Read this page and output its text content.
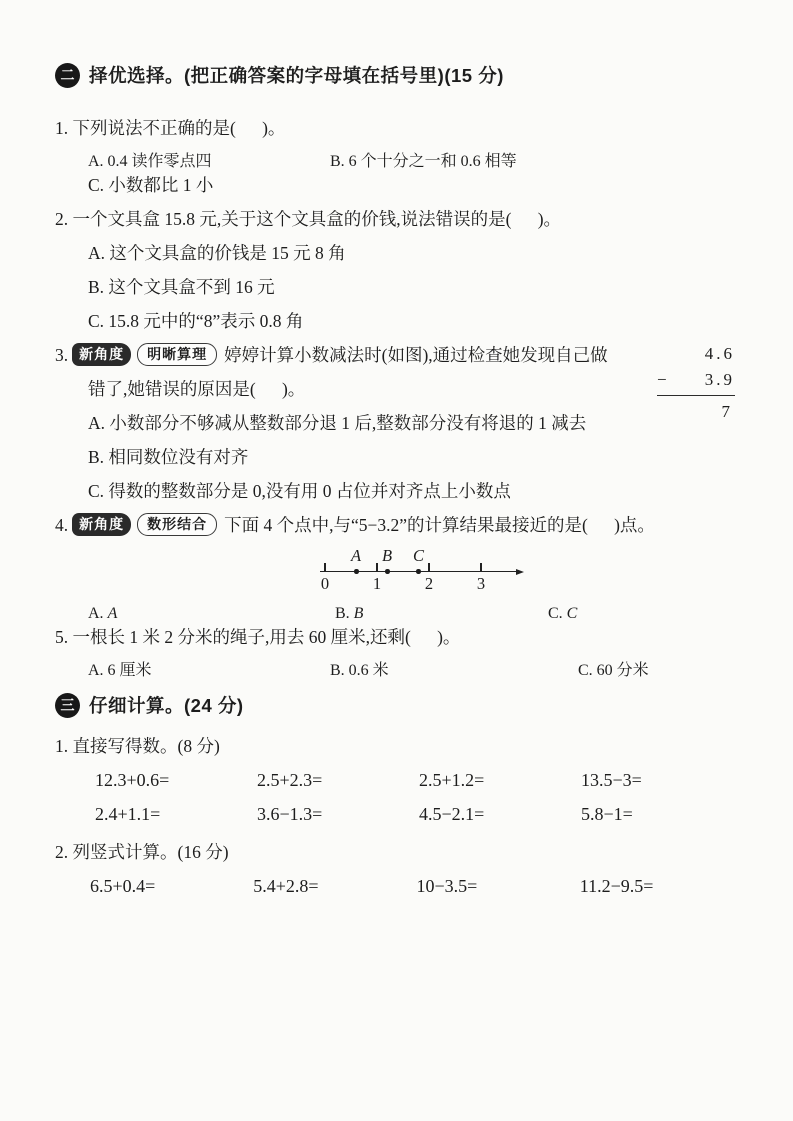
二 择优选择。(把正确答案的字母填在括号里)(15 分)
1. 下列说法不正确的是(      )。
A. 0.4 读作零点四	B. 6 个十分之一和 0.6 相等
C. 小数都比 1 小
2. 一个文具盒 15.8 元,关于这个文具盒的价钱,说法错误的是(      )。
A. 这个文具盒的价钱是 15 元 8 角
B. 这个文具盒不到 16 元
C. 15.8 元中的“8”表示 0.8 角
3. 新角度 明晰算理 婷婷计算小数减法时(如图),通过检查她发现自己做
错了,她错误的原因是(      )。
4.6
− 3.9
7
A. 小数部分不够减从整数部分退 1 后,整数部分没有将退的 1 减去
B. 相同数位没有对齐
C. 得数的整数部分是 0,没有用 0 占位并对齐点上小数点
4. 新角度 数形结合 下面 4 个点中,与“5−3.2”的计算结果最接近的是(      )点。
0	1	2	3
A B C
A. A	B. B	C. C
5. 一根长 1 米 2 分米的绳子,用去 60 厘米,还剩(      )。
A. 6 厘米	B. 0.6 米	C. 60 分米
三 仔细计算。(24 分)
1. 直接写得数。(8 分)
12.3+0.6=	2.5+2.3=	2.5+1.2=	13.5−3=
2.4+1.1=	3.6−1.3=	4.5−2.1=	5.8−1=
2. 列竖式计算。(16 分)
6.5+0.4=	5.4+2.8=	10−3.5=	11.2−9.5=
